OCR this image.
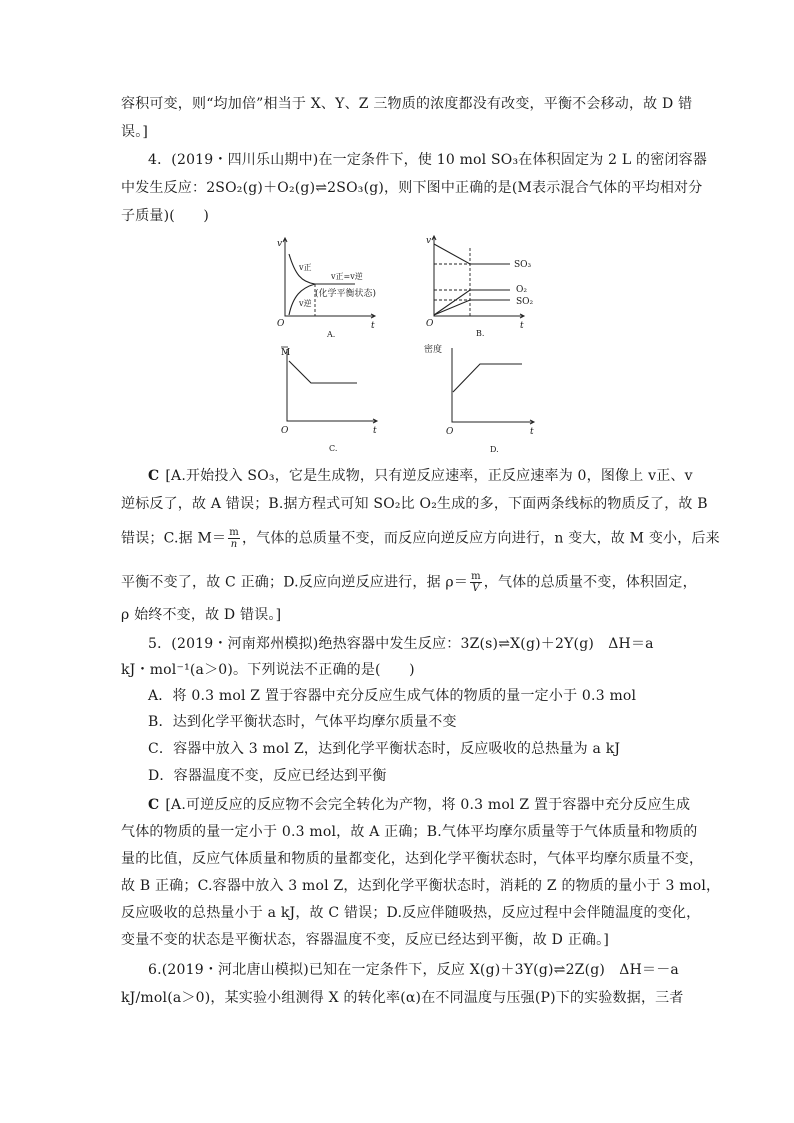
容积可变，则“均加倍”相当于 X、Y、Z 三物质的浓度都没有改变，平衡不会移动，故 D 错
误。]
4．(2019・四川乐山期中)在一定条件下，使 10 mol SO₃在体积固定为 2 L 的密闭容器
中发生反应：2SO₂(g)＋O₂(g)⇌2SO₃(g)，则下图中正确的是(M表示混合气体的平均相对分
子质量)(　　)
v
t
O
v正
v逆
v正=v逆
(化学平衡状态)
A.
v
t
O
SO₃
O₂
SO₂
B.
M
t
O
C.
密度
t
O
D.
C [A.开始投入 SO₃，它是生成物，只有逆反应速率，正反应速率为 0，图像上 v正、v
逆标反了，故 A 错误；B.据方程式可知 SO₂比 O₂生成的多，下面两条线标的物质反了，故 B
错误；C.据 $M= \frac{m}{n}$ ，气体的总质量不变，而反应向逆反应方向进行，n 变大，故 M 变小，后来
平衡不变了，故 C 正确；D.反应向逆反应进行，据 $\rho= \frac{m}{V}$ ，气体的总质量不变，体积固定，
ρ 始终不变，故 D 错误。]
5．(2019・河南郑州模拟)绝热容器中发生反应：3Z(s)⇌X(g)＋2Y(g)　ΔH＝a
kJ・mol⁻¹(a＞0)。下列说法不正确的是(　　)
A．将 0.3 mol Z 置于容器中充分反应生成气体的物质的量一定小于 0.3 mol
B．达到化学平衡状态时，气体平均摩尔质量不变
C．容器中放入 3 mol Z，达到化学平衡状态时，反应吸收的总热量为 a kJ
D．容器温度不变，反应已经达到平衡
C [A.可逆反应的反应物不会完全转化为产物，将 0.3 mol Z 置于容器中充分反应生成
气体的物质的量一定小于 0.3 mol，故 A 正确；B.气体平均摩尔质量等于气体质量和物质的
量的比值，反应气体质量和物质的量都变化，达到化学平衡状态时，气体平均摩尔质量不变，
故 B 正确；C.容器中放入 3 mol Z，达到化学平衡状态时，消耗的 Z 的物质的量小于 3 mol，
反应吸收的总热量小于 a kJ，故 C 错误；D.反应伴随吸热，反应过程中会伴随温度的变化，
变量不变的状态是平衡状态，容器温度不变，反应已经达到平衡，故 D 正确。]
6.(2019・河北唐山模拟)已知在一定条件下，反应 X(g)＋3Y(g)⇌2Z(g)　ΔH＝－a
kJ/mol(a＞0)，某实验小组测得 X 的转化率(α)在不同温度与压强(P)下的实验数据，三者
